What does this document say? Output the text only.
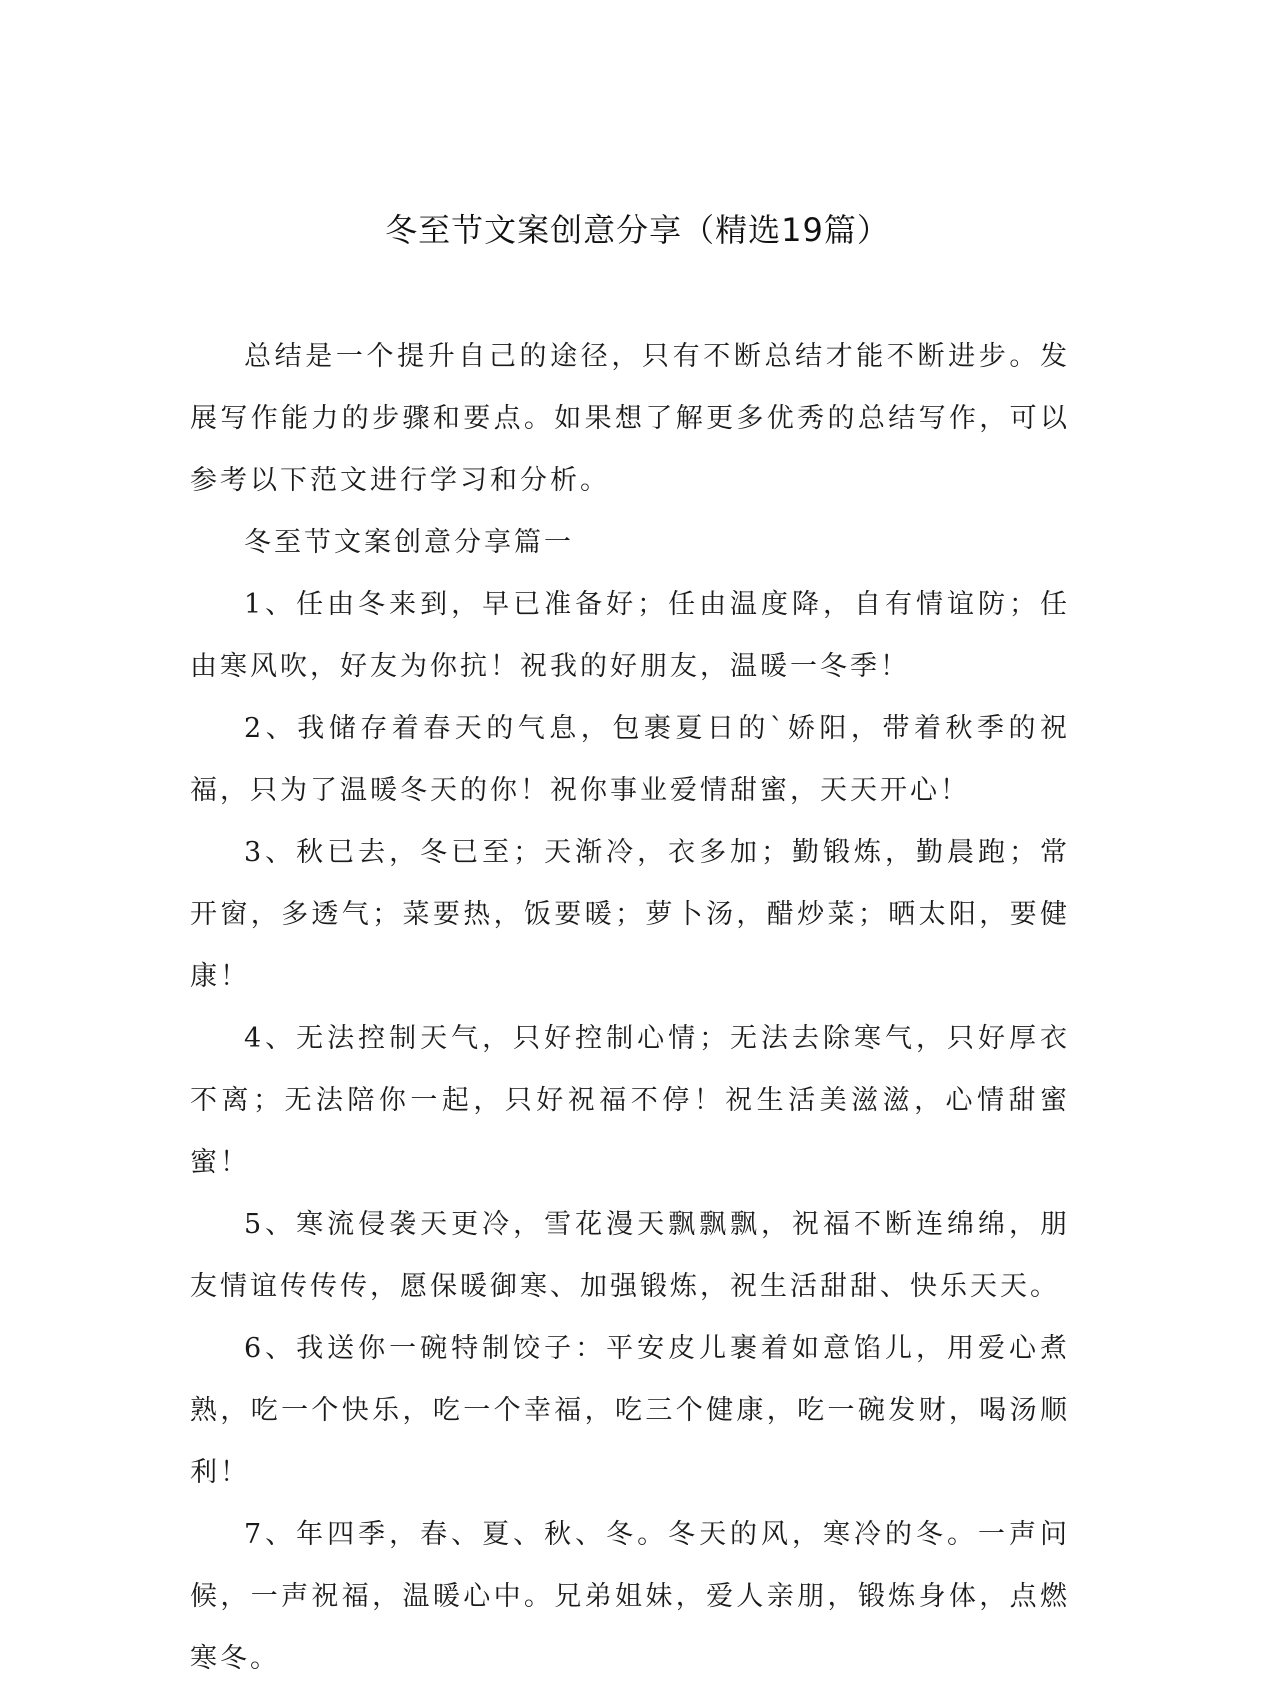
冬至节文案创意分享（精选19篇）

总结是一个提升自己的途径，只有不断总结才能不断进步。发展写作能力的步骤和要点。如果想了解更多优秀的总结写作，可以参考以下范文进行学习和分析。

冬至节文案创意分享篇一

1、任由冬来到，早已准备好；任由温度降，自有情谊防；任由寒风吹，好友为你抗！祝我的好朋友，温暖一冬季！

2、我储存着春天的气息，包裹夏日的`娇阳，带着秋季的祝福，只为了温暖冬天的你！祝你事业爱情甜蜜，天天开心！

3、秋已去，冬已至；天渐冷，衣多加；勤锻炼，勤晨跑；常开窗，多透气；菜要热，饭要暖；萝卜汤，醋炒菜；晒太阳，要健康！

4、无法控制天气，只好控制心情；无法去除寒气，只好厚衣不离；无法陪你一起，只好祝福不停！祝生活美滋滋，心情甜蜜蜜！

5、寒流侵袭天更冷，雪花漫天飘飘飘，祝福不断连绵绵，朋友情谊传传传，愿保暖御寒、加强锻炼，祝生活甜甜、快乐天天。

6、我送你一碗特制饺子：平安皮儿裹着如意馅儿，用爱心煮熟，吃一个快乐，吃一个幸福，吃三个健康，吃一碗发财，喝汤顺利！

7、年四季，春、夏、秋、冬。冬天的风，寒冷的冬。一声问候，一声祝福，温暖心中。兄弟姐妹，爱人亲朋，锻炼身体，点燃寒冬。
